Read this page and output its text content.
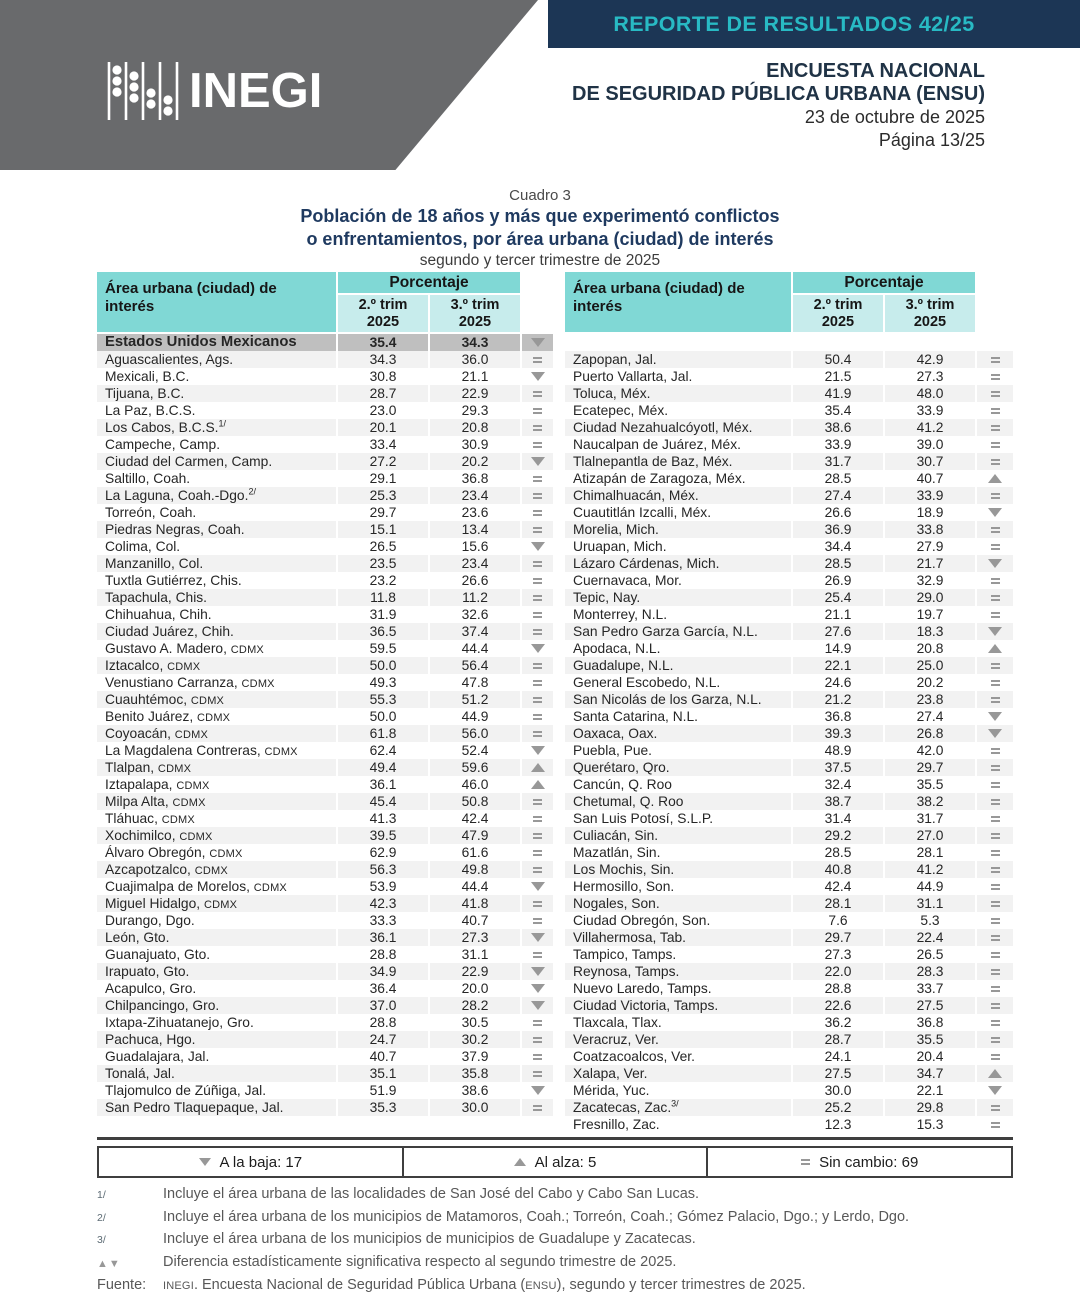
INEGI
REPORTE DE RESULTADOS 42/25
ENCUESTA NACIONAL
DE SEGURIDAD PÚBLICA URBANA (ENSU)
23 de octubre de 2025
Página 13/25
Cuadro 3
Población de 18 años y más que experimentó conflictos
o enfrentamientos, por área urbana (ciudad) de interés
segundo y tercer trimestre de 2025
Área urbana (ciudad) de interés
Porcentaje
2.º trim
2025
3.º trim
2025
Estados Unidos Mexicanos	35.4	34.3
Aguascalientes, Ags.	34.3	36.0
Mexicali, B.C.	30.8	21.1
Tijuana, B.C.	28.7	22.9
La Paz, B.C.S.	23.0	29.3
Los Cabos, B.C.S.$^{1/}$	20.1	20.8
Campeche, Camp.	33.4	30.9
Ciudad del Carmen, Camp.	27.2	20.2
Saltillo, Coah.	29.1	36.8
La Laguna, Coah.-Dgo.$^{2/}$	25.3	23.4
Torreón, Coah.	29.7	23.6
Piedras Negras, Coah.	15.1	13.4
Colima, Col.	26.5	15.6
Manzanillo, Col.	23.5	23.4
Tuxtla Gutiérrez, Chis.	23.2	26.6
Tapachula, Chis.	11.8	11.2
Chihuahua, Chih.	31.9	32.6
Ciudad Juárez, Chih.	36.5	37.4
Gustavo A. Madero, CDMX	59.5	44.4
Iztacalco, CDMX	50.0	56.4
Venustiano Carranza, CDMX	49.3	47.8
Cuauhtémoc, CDMX	55.3	51.2
Benito Juárez, CDMX	50.0	44.9
Coyoacán, CDMX	61.8	56.0
La Magdalena Contreras, CDMX	62.4	52.4
Tlalpan, CDMX	49.4	59.6
Iztapalapa, CDMX	36.1	46.0
Milpa Alta, CDMX	45.4	50.8
Tláhuac, CDMX	41.3	42.4
Xochimilco, CDMX	39.5	47.9
Álvaro Obregón, CDMX	62.9	61.6
Azcapotzalco, CDMX	56.3	49.8
Cuajimalpa de Morelos, CDMX	53.9	44.4
Miguel Hidalgo, CDMX	42.3	41.8
Durango, Dgo.	33.3	40.7
León, Gto.	36.1	27.3
Guanajuato, Gto.	28.8	31.1
Irapuato, Gto.	34.9	22.9
Acapulco, Gro.	36.4	20.0
Chilpancingo, Gro.	37.0	28.2
Ixtapa-Zihuatanejo, Gro.	28.8	30.5
Pachuca, Hgo.	24.7	30.2
Guadalajara, Jal.	40.7	37.9
Tonalá, Jal.	35.1	35.8
Tlajomulco de Zúñiga, Jal.	51.9	38.6
San Pedro Tlaquepaque, Jal.	35.3	30.0
Área urbana (ciudad) de interés
Porcentaje
2.º trim
2025
3.º trim
2025
Zapopan, Jal.	50.4	42.9
Puerto Vallarta, Jal.	21.5	27.3
Toluca, Méx.	41.9	48.0
Ecatepec, Méx.	35.4	33.9
Ciudad Nezahualcóyotl, Méx.	38.6	41.2
Naucalpan de Juárez, Méx.	33.9	39.0
Tlalnepantla de Baz, Méx.	31.7	30.7
Atizapán de Zaragoza, Méx.	28.5	40.7
Chimalhuacán, Méx.	27.4	33.9
Cuautitlán Izcalli, Méx.	26.6	18.9
Morelia, Mich.	36.9	33.8
Uruapan, Mich.	34.4	27.9
Lázaro Cárdenas, Mich.	28.5	21.7
Cuernavaca, Mor.	26.9	32.9
Tepic, Nay.	25.4	29.0
Monterrey, N.L.	21.1	19.7
San Pedro Garza García, N.L.	27.6	18.3
Apodaca, N.L.	14.9	20.8
Guadalupe, N.L.	22.1	25.0
General Escobedo, N.L.	24.6	20.2
San Nicolás de los Garza, N.L.	21.2	23.8
Santa Catarina, N.L.	36.8	27.4
Oaxaca, Oax.	39.3	26.8
Puebla, Pue.	48.9	42.0
Querétaro, Qro.	37.5	29.7
Cancún, Q. Roo	32.4	35.5
Chetumal, Q. Roo	38.7	38.2
San Luis Potosí, S.L.P.	31.4	31.7
Culiacán, Sin.	29.2	27.0
Mazatlán, Sin.	28.5	28.1
Los Mochis, Sin.	40.8	41.2
Hermosillo, Son.	42.4	44.9
Nogales, Son.	28.1	31.1
Ciudad Obregón, Son.	7.6	5.3
Villahermosa, Tab.	29.7	22.4
Tampico, Tamps.	27.3	26.5
Reynosa, Tamps.	22.0	28.3
Nuevo Laredo, Tamps.	28.8	33.7
Ciudad Victoria, Tamps.	22.6	27.5
Tlaxcala, Tlax.	36.2	36.8
Veracruz, Ver.	28.7	35.5
Coatzacoalcos, Ver.	24.1	20.4
Xalapa, Ver.	27.5	34.7
Mérida, Yuc.	30.0	22.1
Zacatecas, Zac.$^{3/}$	25.2	29.8
Fresnillo, Zac.	12.3	15.3
A la baja: 17	Al alza: 5	Sin cambio: 69
1/	Incluye el área urbana de las localidades de San José del Cabo y Cabo San Lucas.
2/	Incluye el área urbana de los municipios de Matamoros, Coah.; Torreón, Coah.; Gómez Palacio, Dgo.; y Lerdo, Dgo.
3/	Incluye el área urbana de los municipios de municipios de Guadalupe y Zacatecas.
▲▼	Diferencia estadísticamente significativa respecto al segundo trimestre de 2025.
Fuente:	INEGI. Encuesta Nacional de Seguridad Pública Urbana (ENSU), segundo y tercer trimestres de 2025.
